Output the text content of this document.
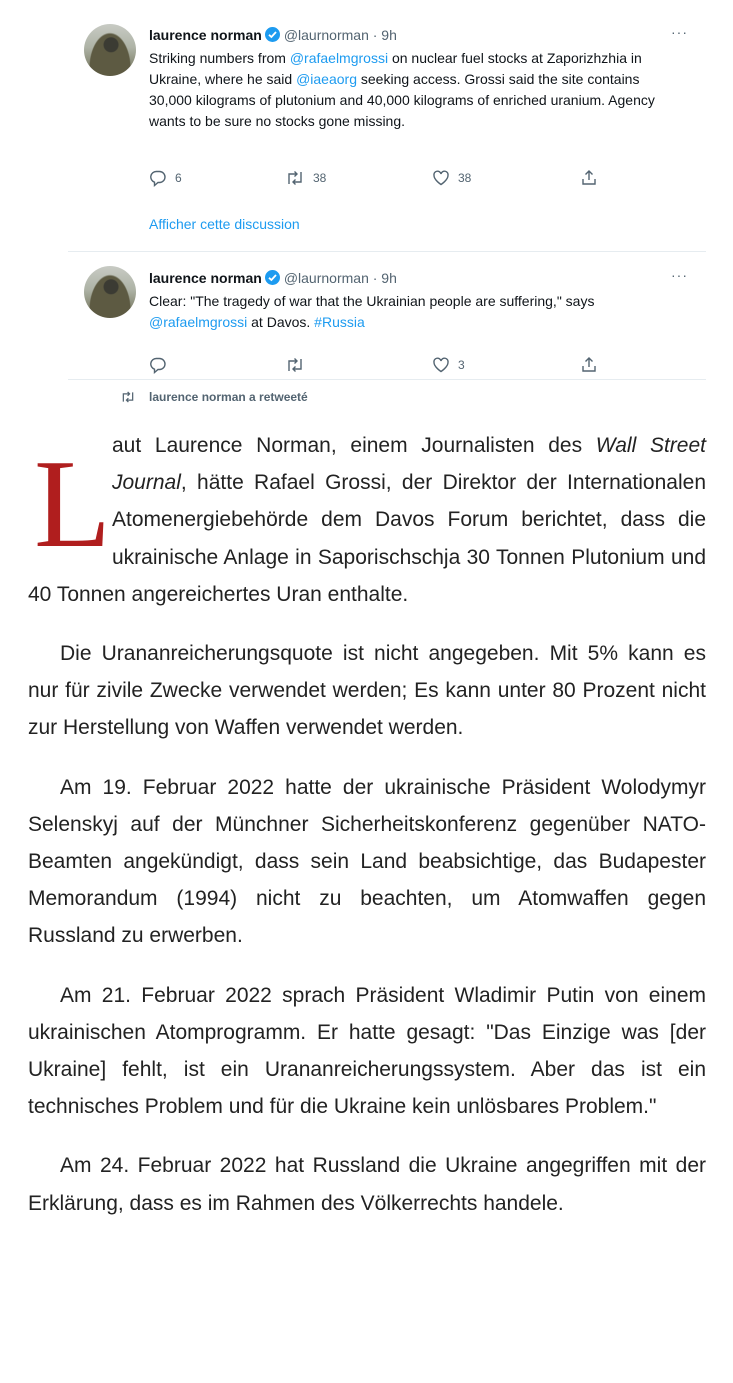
laurence norman @laurnorman · 9h	···
Striking numbers from @rafaelmgrossi on nuclear fuel stocks at Zaporizhzhia in Ukraine, where he said @iaeaorg seeking access. Grossi said the site contains 30,000 kilograms of plutonium and 40,000 kilograms of enriched uranium. Agency wants to be sure no stocks gone missing.
6	38	38
Afficher cette discussion
laurence norman @laurnorman · 9h	···
Clear: "The tragedy of war that the Ukrainian people are suffering," says @rafaelmgrossi at Davos. #Russia
3
laurence norman a retweeté

Laut Laurence Norman, einem Journalisten des Wall Street Journal, hätte Rafael Grossi, der Direktor der Internationalen Atomenergiebehörde dem Davos Forum berichtet, dass die ukrainische Anlage in Saporischschja 30 Tonnen Plutonium und 40 Tonnen angereichertes Uran enthalte.

Die Urananreicherungsquote ist nicht angegeben. Mit 5% kann es nur für zivile Zwecke verwendet werden; Es kann unter 80 Prozent nicht zur Herstellung von Waffen verwendet werden.

Am 19. Februar 2022 hatte der ukrainische Präsident Wolodymyr Selenskyj auf der Münchner Sicherheitskonferenz gegenüber NATO-Beamten angekündigt, dass sein Land beabsichtige, das Budapester Memorandum (1994) nicht zu beachten, um Atomwaffen gegen Russland zu erwerben.

Am 21. Februar 2022 sprach Präsident Wladimir Putin von einem ukrainischen Atomprogramm. Er hatte gesagt: "Das Einzige was [der Ukraine] fehlt, ist ein Urananreicherungssystem. Aber das ist ein technisches Problem und für die Ukraine kein unlösbares Problem."

Am 24. Februar 2022 hat Russland die Ukraine angegriffen mit der Erklärung, dass es im Rahmen des Völkerrechts handele.
